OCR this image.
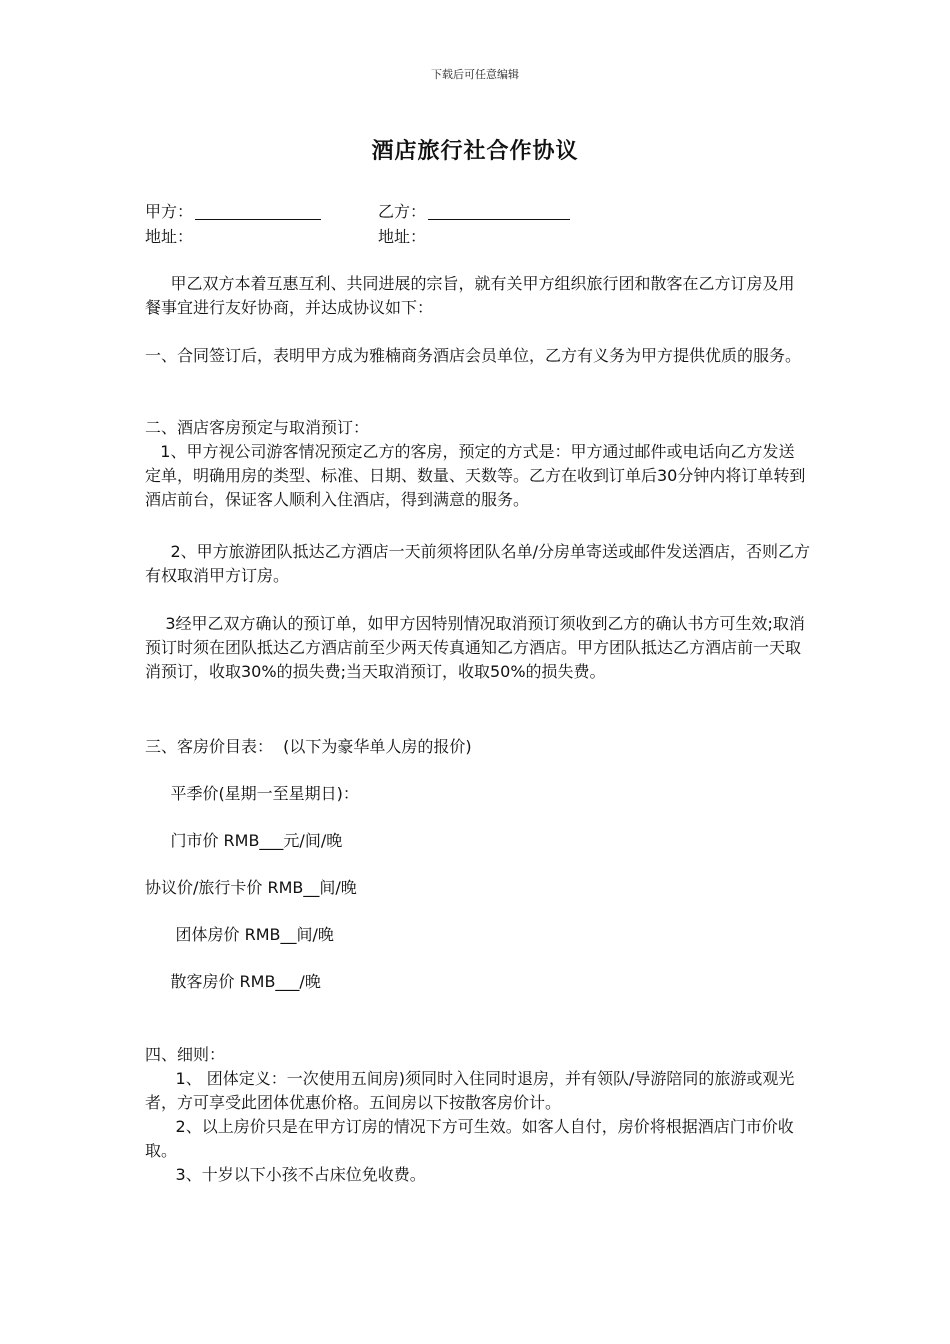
下载后可任意编辑
酒店旅行社合作协议
甲方：	乙方：
地址：	地址：
甲乙双方本着互惠互利、共同进展的宗旨，就有关甲方组织旅行团和散客在乙方订房及用餐事宜进行友好协商，并达成协议如下：
一、合同签订后，表明甲方成为雅楠商务酒店会员单位，乙方有义务为甲方提供优质的服务。
二、酒店客房预定与取消预订：
1、甲方视公司游客情况预定乙方的客房，预定的方式是：甲方通过邮件或电话向乙方发送定单，明确用房的类型、标准、日期、数量、天数等。乙方在收到订单后30分钟内将订单转到酒店前台，保证客人顺利入住酒店，得到满意的服务。
2、甲方旅游团队抵达乙方酒店一天前须将团队名单/分房单寄送或邮件发送酒店，否则乙方有权取消甲方订房。
3经甲乙双方确认的预订单，如甲方因特别情况取消预订须收到乙方的确认书方可生效;取消预订时须在团队抵达乙方酒店前至少两天传真通知乙方酒店。甲方团队抵达乙方酒店前一天取消预订，收取30%的损失费;当天取消预订，收取50%的损失费。
三、客房价目表：  (以下为豪华单人房的报价)
平季价(星期一至星期日)：
门市价 RMB___元/间/晚
协议价/旅行卡价 RMB__间/晚
团体房价 RMB__间/晚
散客房价 RMB___/晚
四、细则：
1、 团体定义：一次使用五间房)须同时入住同时退房，并有领队/导游陪同的旅游或观光者，方可享受此团体优惠价格。五间房以下按散客房价计。
2、以上房价只是在甲方订房的情况下方可生效。如客人自付，房价将根据酒店门市价收取。
3、十岁以下小孩不占床位免收费。
